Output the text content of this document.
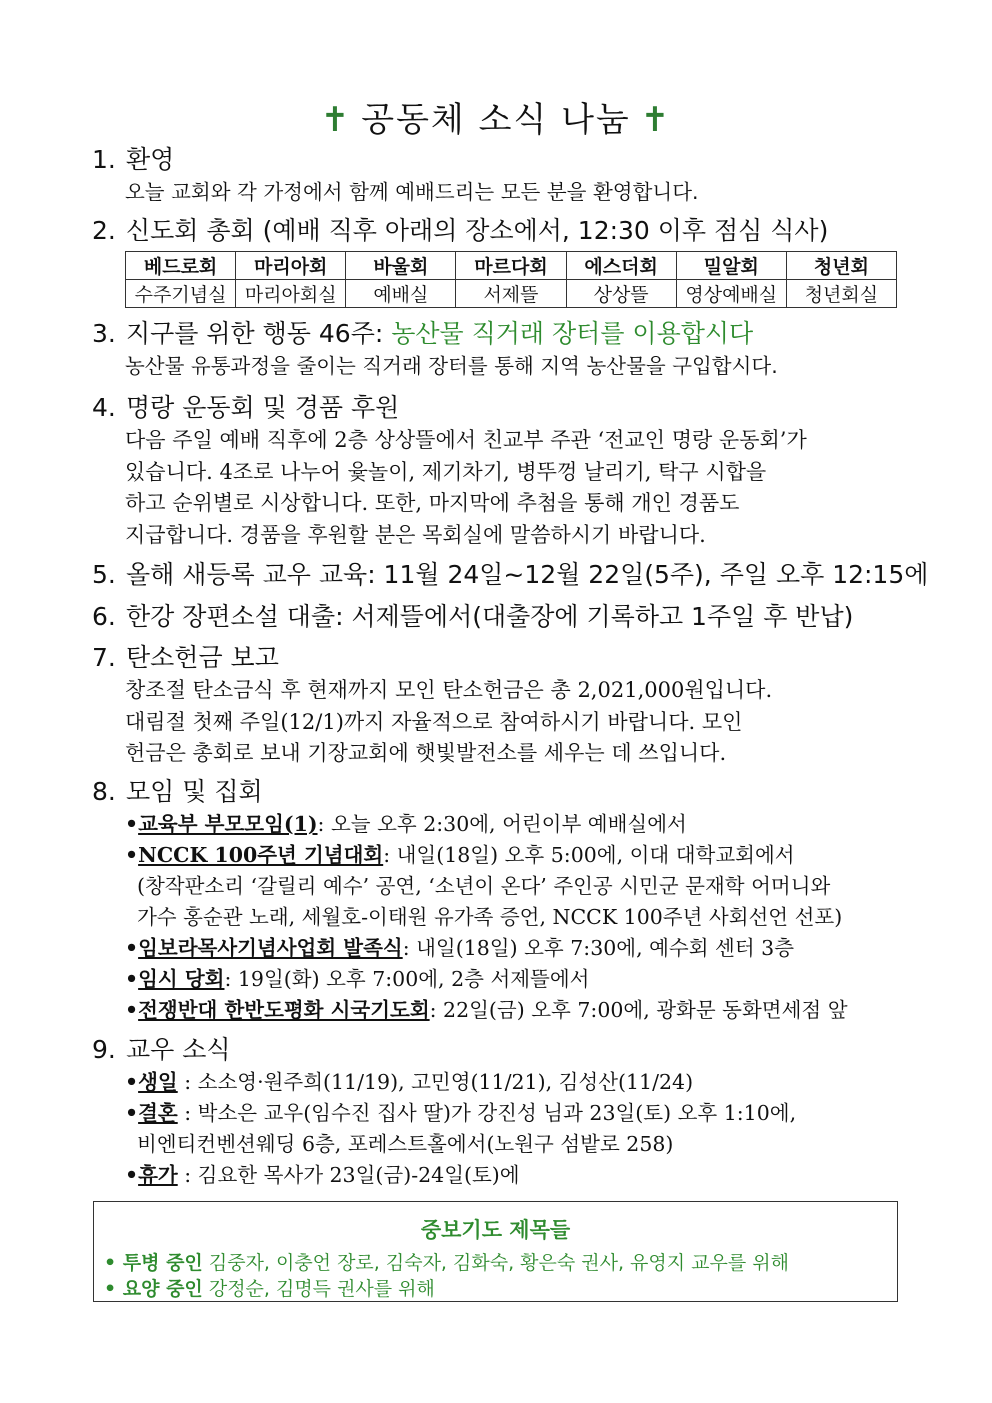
✝ 공동체 소식 나눔 ✝
1. 환영
오늘 교회와 각 가정에서 함께 예배드리는 모든 분을 환영합니다.
2. 신도회 총회 (예배 직후 아래의 장소에서, 12:30 이후 점심 식사)
베드로회	마리아회	바울회	마르다회	에스더회	밀알회	청년회
수주기념실	마리아회실	예배실	서제뜰	상상뜰	영상예배실	청년회실
3. 지구를 위한 행동 46주: 농산물 직거래 장터를 이용합시다
농산물 유통과정을 줄이는 직거래 장터를 통해 지역 농산물을 구입합시다.
4. 명랑 운동회 및 경품 후원
다음 주일 예배 직후에 2층 상상뜰에서 친교부 주관 ‘전교인 명랑 운동회’가
있습니다. 4조로 나누어 윷놀이, 제기차기, 병뚜껑 날리기, 탁구 시합을
하고 순위별로 시상합니다. 또한, 마지막에 추첨을 통해 개인 경품도
지급합니다. 경품을 후원할 분은 목회실에 말씀하시기 바랍니다.
5. 올해 새등록 교우 교육: 11월 24일~12월 22일(5주), 주일 오후 12:15에
6. 한강 장편소설 대출: 서제뜰에서(대출장에 기록하고 1주일 후 반납)
7. 탄소헌금 보고
창조절 탄소금식 후 현재까지 모인 탄소헌금은 총 2,021,000원입니다.
대림절 첫째 주일(12/1)까지 자율적으로 참여하시기 바랍니다. 모인
헌금은 총회로 보내 기장교회에 햇빛발전소를 세우는 데 쓰입니다.
8. 모임 및 집회
•교육부 부모모임(1): 오늘 오후 2:30에, 어린이부 예배실에서
•NCCK 100주년 기념대회: 내일(18일) 오후 5:00에, 이대 대학교회에서
(창작판소리 ‘갈릴리 예수’ 공연, ‘소년이 온다’ 주인공 시민군 문재학 어머니와
가수 홍순관 노래, 세월호-이태원 유가족 증언, NCCK 100주년 사회선언 선포)
•임보라목사기념사업회 발족식: 내일(18일) 오후 7:30에, 예수회 센터 3층
•임시 당회: 19일(화) 오후 7:00에, 2층 서제뜰에서
•전쟁반대 한반도평화 시국기도회: 22일(금) 오후 7:00에, 광화문 동화면세점 앞
9. 교우 소식
•생일 : 소소영·원주희(11/19), 고민영(11/21), 김성산(11/24)
•결혼 : 박소은 교우(임수진 집사 딸)가 강진성 님과 23일(토) 오후 1:10에,
비엔티컨벤션웨딩 6층, 포레스트홀에서(노원구 섬밭로 258)
•휴가 : 김요한 목사가 23일(금)-24일(토)에
중보기도 제목들
• 투병 중인 김중자, 이충언 장로, 김숙자, 김화숙, 황은숙 권사, 유영지 교우를 위해
• 요양 중인 강정순, 김명득 권사를 위해
